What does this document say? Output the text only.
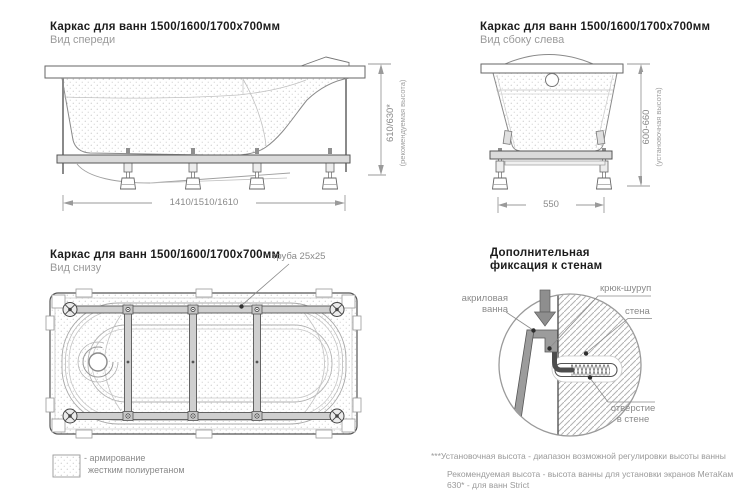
Каркас для ванн 1500/1600/1700x700мм
Вид спереди
1410/1510/1610
610/630* (рекомендуемая высота)
Каркас для ванн 1500/1600/1700x700мм
Вид сбоку слева
550
600-660 (установочная высота)
Каркас для ванн 1500/1600/1700x700мм
Вид снизу
труба 25x25
- армирование
жестким полиуретаном
Дополнительная
фиксация к стенам
акриловая
ванна
крюк-шуруп
стена
отверстие
в стене
***Установочная высота - диапазон возможной регулировки высоты ванны
Рекомендуемая высота - высота ванны для установки экранов МетаКам
630* - для ванн Strict
